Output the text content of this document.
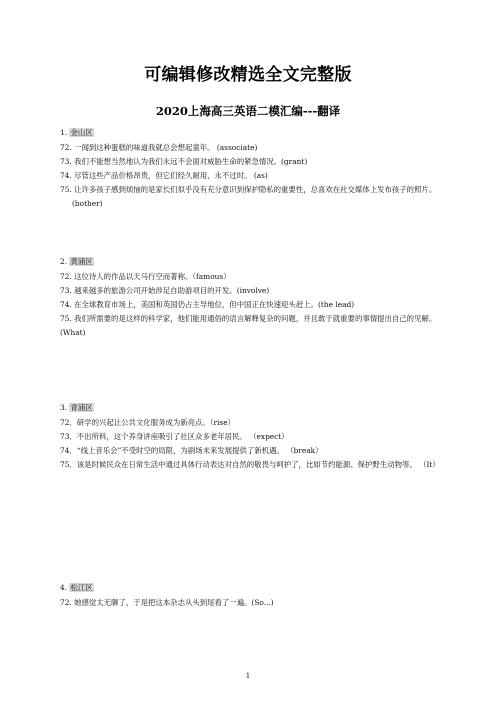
可编辑修改精选全文完整版
2020上海高三英语二模汇编---翻译
1. 金山区
72. 一闻到这种蛋糕的味道我就总会想起童年。 (associate)
73. 我们不能想当然地认为我们永远不会面对威胁生命的紧急情况。(grant)
74. 尽管这些产品价格昂贵，但它们经久耐用，永不过时。 (as)
75. 让许多孩子感到烦恼的是家长们似乎没有充分意识到保护隐私的重要性，总喜欢在社交媒体上发布孩子的照片。(bother)
2. 黄浦区
72. 这位诗人的作品以天马行空而著称。（famous）
73. 越来越多的旅游公司开始涉足自助游项目的开发。(involve)
74. 在全球教育市场上，美国和英国仍占主导地位，但中国正在快速迎头赶上。(the lead)
75. 我们所需要的是这样的科学家，他们能用通俗的语言解释复杂的问题，并且敢于就重要的事情提出自己的见解。(What)
3. 青浦区
72．研学的兴起让公共文化服务成为新亮点。（rise）
73．不出所料，这个养身讲座吸引了社区众多老年居民。 （expect）
74．“线上音乐会”不受时空的局限，为剧场未来发展提供了新机遇。 （break）
75．该是时候民众在日常生活中通过具体行动表达对自然的敬畏与呵护了，比如节约能源、保护野生动物等。 （It）
4. 松江区
72. 她感觉太无聊了，于是把这本杂志从头到尾看了一遍。(So...)
1
